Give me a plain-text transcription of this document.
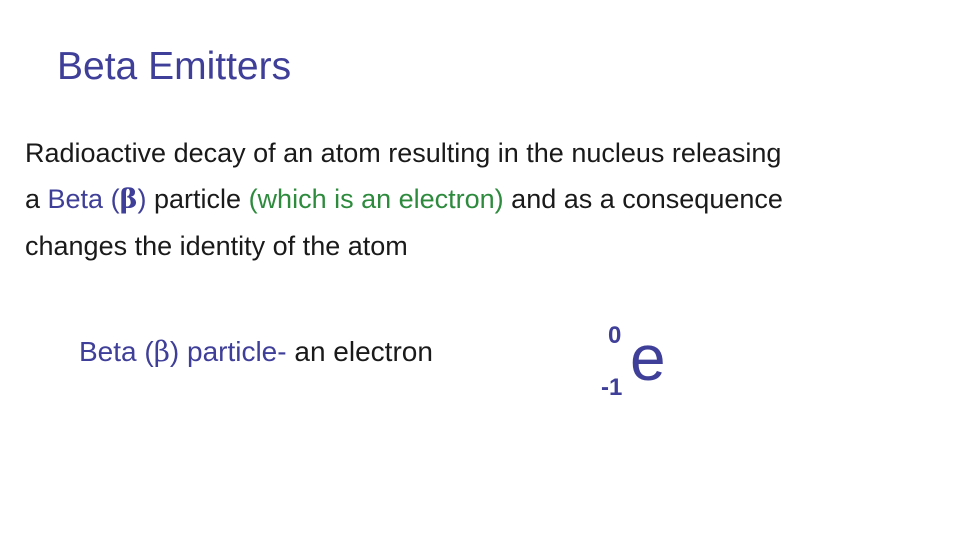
Beta Emitters
Radioactive decay of an atom resulting in the nucleus releasing
a Beta (β) particle (which is an electron) and as a consequence
changes the identity of the atom
Beta (β) particle- an electron
0
-1 e
